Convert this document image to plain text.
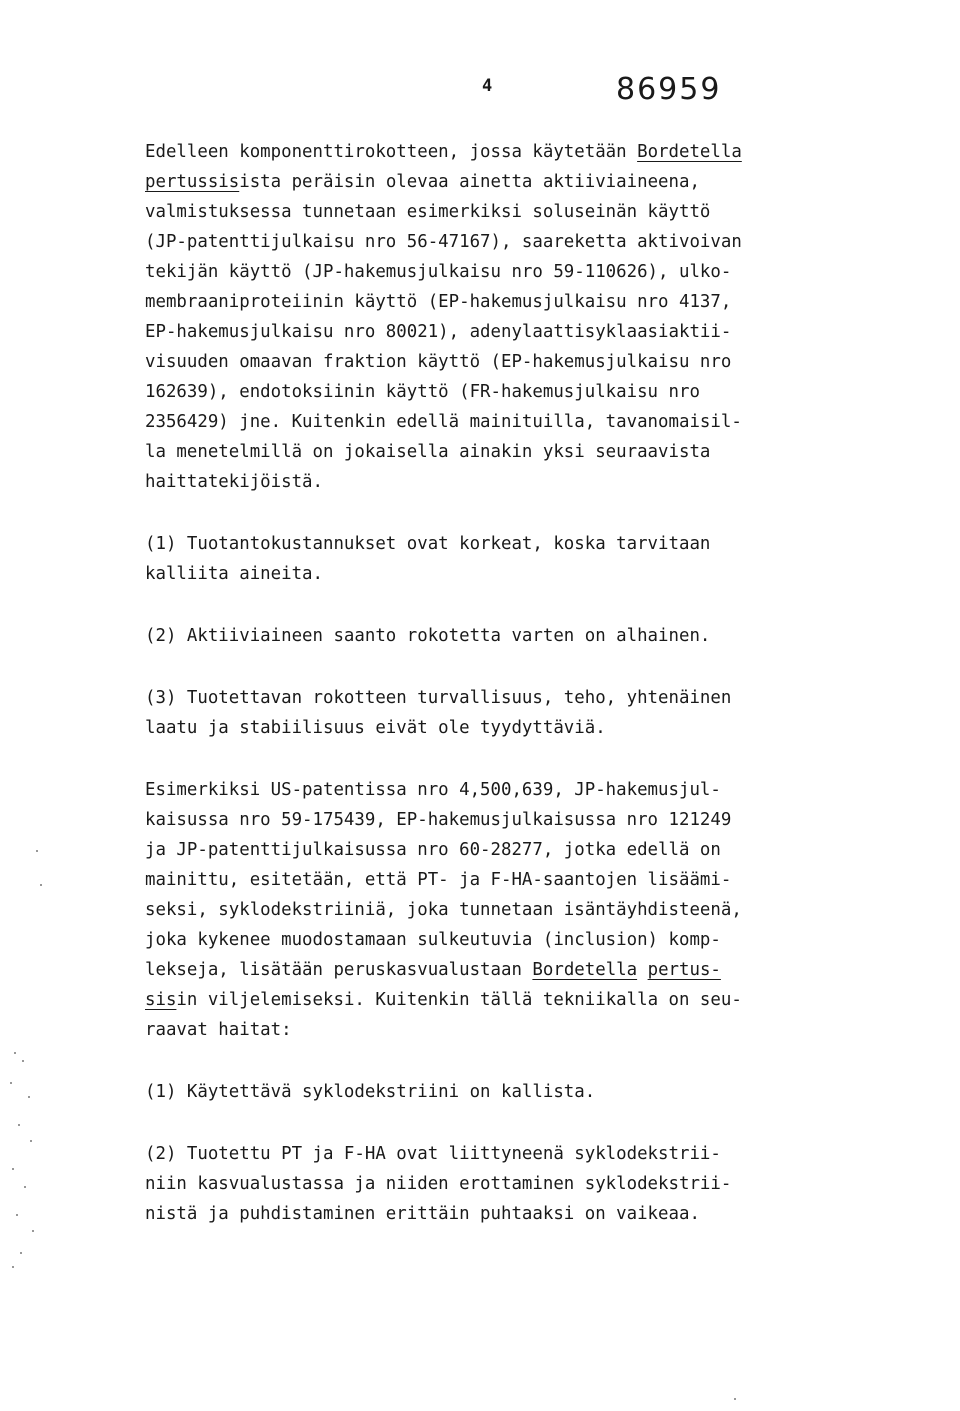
4	86959
Edelleen komponenttirokotteen, jossa käytetään Bordetella
pertussisista peräisin olevaa ainetta aktiiviaineena,
valmistuksessa tunnetaan esimerkiksi soluseinän käyttö
(JP-patenttijulkaisu nro 56-47167), saareketta aktivoivan
tekijän käyttö (JP-hakemusjulkaisu nro 59-110626), ulko-
membraaniproteiinin käyttö (EP-hakemusjulkaisu nro 4137,
EP-hakemusjulkaisu nro 80021), adenylaattisyklaasiaktii-
visuuden omaavan fraktion käyttö (EP-hakemusjulkaisu nro
162639), endotoksiinin käyttö (FR-hakemusjulkaisu nro
2356429) jne. Kuitenkin edellä mainituilla, tavanomaisil-
la menetelmillä on jokaisella ainakin yksi seuraavista
haittatekijöistä.
(1) Tuotantokustannukset ovat korkeat, koska tarvitaan
kalliita aineita.
(2) Aktiiviaineen saanto rokotetta varten on alhainen.
(3) Tuotettavan rokotteen turvallisuus, teho, yhtenäinen
laatu ja stabiilisuus eivät ole tyydyttäviä.
Esimerkiksi US-patentissa nro 4,500,639, JP-hakemusjul-
kaisussa nro 59-175439, EP-hakemusjulkaisussa nro 121249
ja JP-patenttijulkaisussa nro 60-28277, jotka edellä on
mainittu, esitetään, että PT- ja F-HA-saantojen lisäämi-
seksi, syklodekstriiniä, joka tunnetaan isäntäyhdisteenä,
joka kykenee muodostamaan sulkeutuvia (inclusion) komp-
lekseja, lisätään peruskasvualustaan Bordetella pertus-
sisin viljelemiseksi. Kuitenkin tällä tekniikalla on seu-
raavat haitat:
(1) Käytettävä syklodekstriini on kallista.
(2) Tuotettu PT ja F-HA ovat liittyneenä syklodekstrii-
niin kasvualustassa ja niiden erottaminen syklodekstrii-
nistä ja puhdistaminen erittäin puhtaaksi on vaikeaa.
